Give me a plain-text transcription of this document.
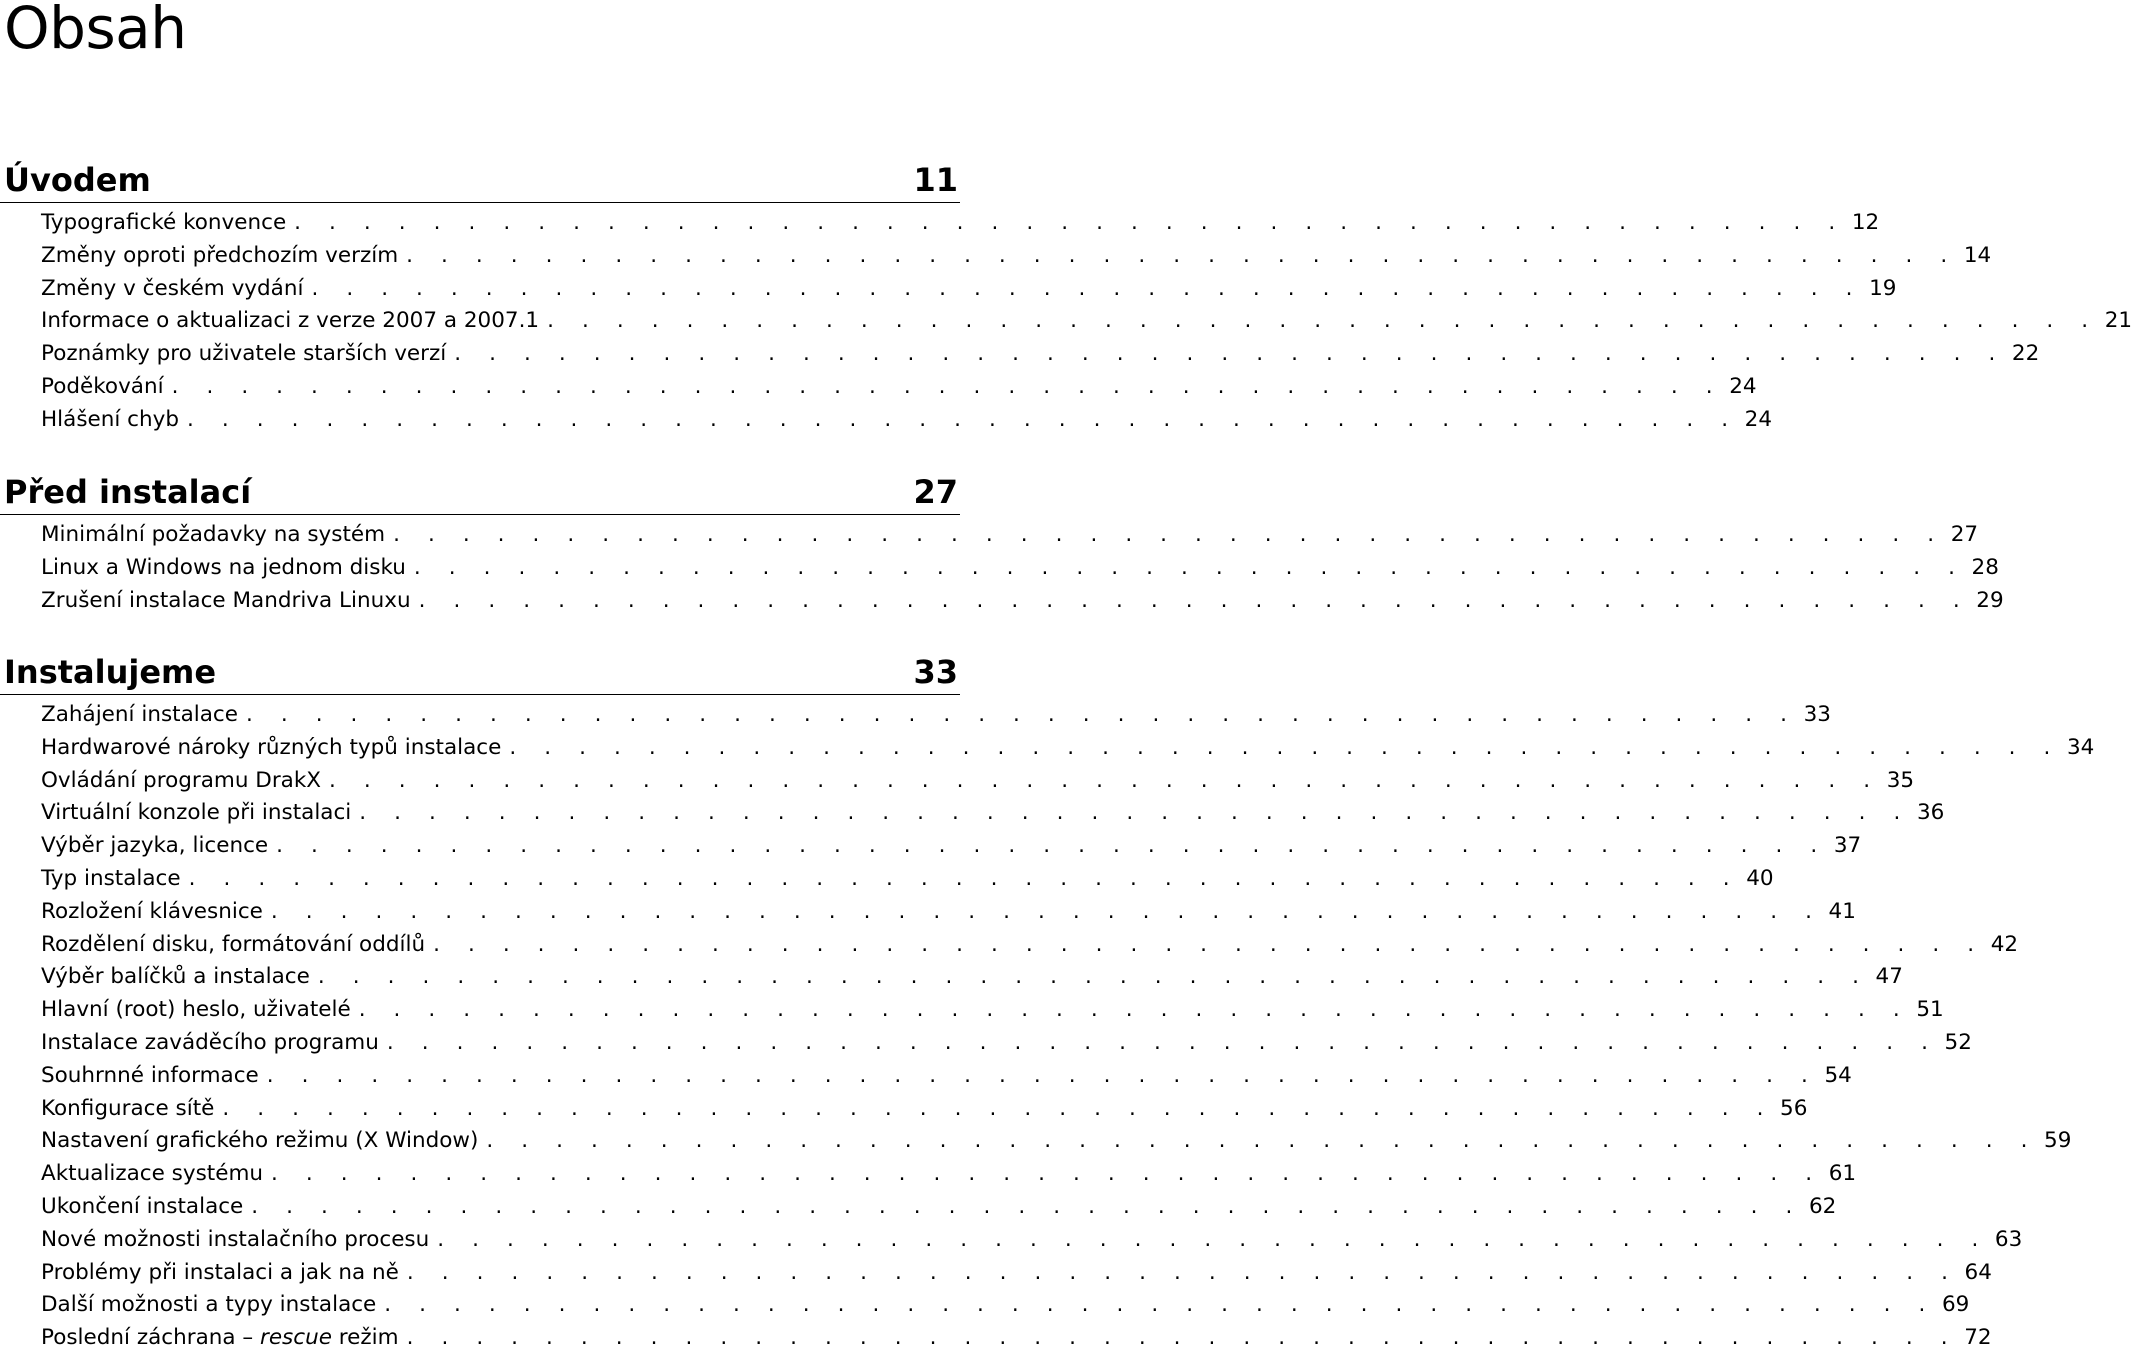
Obsah
Úvodem	11
Typografické konvence . . . . . . . . . . . . . . . . . . . . . . . . . . . . . . . . . . . . . . . . . . . . . 12
Změny oproti předchozím verzím . . . . . . . . . . . . . . . . . . . . . . . . . . . . . . . . . . . . . . . . . . . . . 14
Změny v českém vydání . . . . . . . . . . . . . . . . . . . . . . . . . . . . . . . . . . . . . . . . . . . . . 19
Informace o aktualizaci z verze 2007 a 2007.1 . . . . . . . . . . . . . . . . . . . . . . . . . . . . . . . . . . . . . . . . . . . . . 21
Poznámky pro uživatele starších verzí . . . . . . . . . . . . . . . . . . . . . . . . . . . . . . . . . . . . . . . . . . . . . 22
Poděkování . . . . . . . . . . . . . . . . . . . . . . . . . . . . . . . . . . . . . . . . . . . . . 24
Hlášení chyb . . . . . . . . . . . . . . . . . . . . . . . . . . . . . . . . . . . . . . . . . . . . . 24
Před instalací	27
Minimální požadavky na systém . . . . . . . . . . . . . . . . . . . . . . . . . . . . . . . . . . . . . . . . . . . . . 27
Linux a Windows na jednom disku . . . . . . . . . . . . . . . . . . . . . . . . . . . . . . . . . . . . . . . . . . . . . 28
Zrušení instalace Mandriva Linuxu . . . . . . . . . . . . . . . . . . . . . . . . . . . . . . . . . . . . . . . . . . . . . 29
Instalujeme	33
Zahájení instalace . . . . . . . . . . . . . . . . . . . . . . . . . . . . . . . . . . . . . . . . . . . . . 33
Hardwarové nároky různých typů instalace . . . . . . . . . . . . . . . . . . . . . . . . . . . . . . . . . . . . . . . . . . . . . 34
Ovládání programu DrakX . . . . . . . . . . . . . . . . . . . . . . . . . . . . . . . . . . . . . . . . . . . . . 35
Virtuální konzole při instalaci . . . . . . . . . . . . . . . . . . . . . . . . . . . . . . . . . . . . . . . . . . . . . 36
Výběr jazyka, licence . . . . . . . . . . . . . . . . . . . . . . . . . . . . . . . . . . . . . . . . . . . . . 37
Typ instalace . . . . . . . . . . . . . . . . . . . . . . . . . . . . . . . . . . . . . . . . . . . . . 40
Rozložení klávesnice . . . . . . . . . . . . . . . . . . . . . . . . . . . . . . . . . . . . . . . . . . . . . 41
Rozdělení disku, formátování oddílů . . . . . . . . . . . . . . . . . . . . . . . . . . . . . . . . . . . . . . . . . . . . . 42
Výběr balíčků a instalace . . . . . . . . . . . . . . . . . . . . . . . . . . . . . . . . . . . . . . . . . . . . . 47
Hlavní (root) heslo, uživatelé . . . . . . . . . . . . . . . . . . . . . . . . . . . . . . . . . . . . . . . . . . . . . 51
Instalace zaváděcího programu . . . . . . . . . . . . . . . . . . . . . . . . . . . . . . . . . . . . . . . . . . . . . 52
Souhrnné informace . . . . . . . . . . . . . . . . . . . . . . . . . . . . . . . . . . . . . . . . . . . . . 54
Konfigurace sítě . . . . . . . . . . . . . . . . . . . . . . . . . . . . . . . . . . . . . . . . . . . . . 56
Nastavení grafického režimu (X Window) . . . . . . . . . . . . . . . . . . . . . . . . . . . . . . . . . . . . . . . . . . . . . 59
Aktualizace systému . . . . . . . . . . . . . . . . . . . . . . . . . . . . . . . . . . . . . . . . . . . . . 61
Ukončení instalace . . . . . . . . . . . . . . . . . . . . . . . . . . . . . . . . . . . . . . . . . . . . . 62
Nové možnosti instalačního procesu . . . . . . . . . . . . . . . . . . . . . . . . . . . . . . . . . . . . . . . . . . . . . 63
Problémy při instalaci a jak na ně . . . . . . . . . . . . . . . . . . . . . . . . . . . . . . . . . . . . . . . . . . . . . 64
Další možnosti a typy instalace . . . . . . . . . . . . . . . . . . . . . . . . . . . . . . . . . . . . . . . . . . . . . 69
Poslední záchrana – rescue režim . . . . . . . . . . . . . . . . . . . . . . . . . . . . . . . . . . . . . . . . . . . . . 72
